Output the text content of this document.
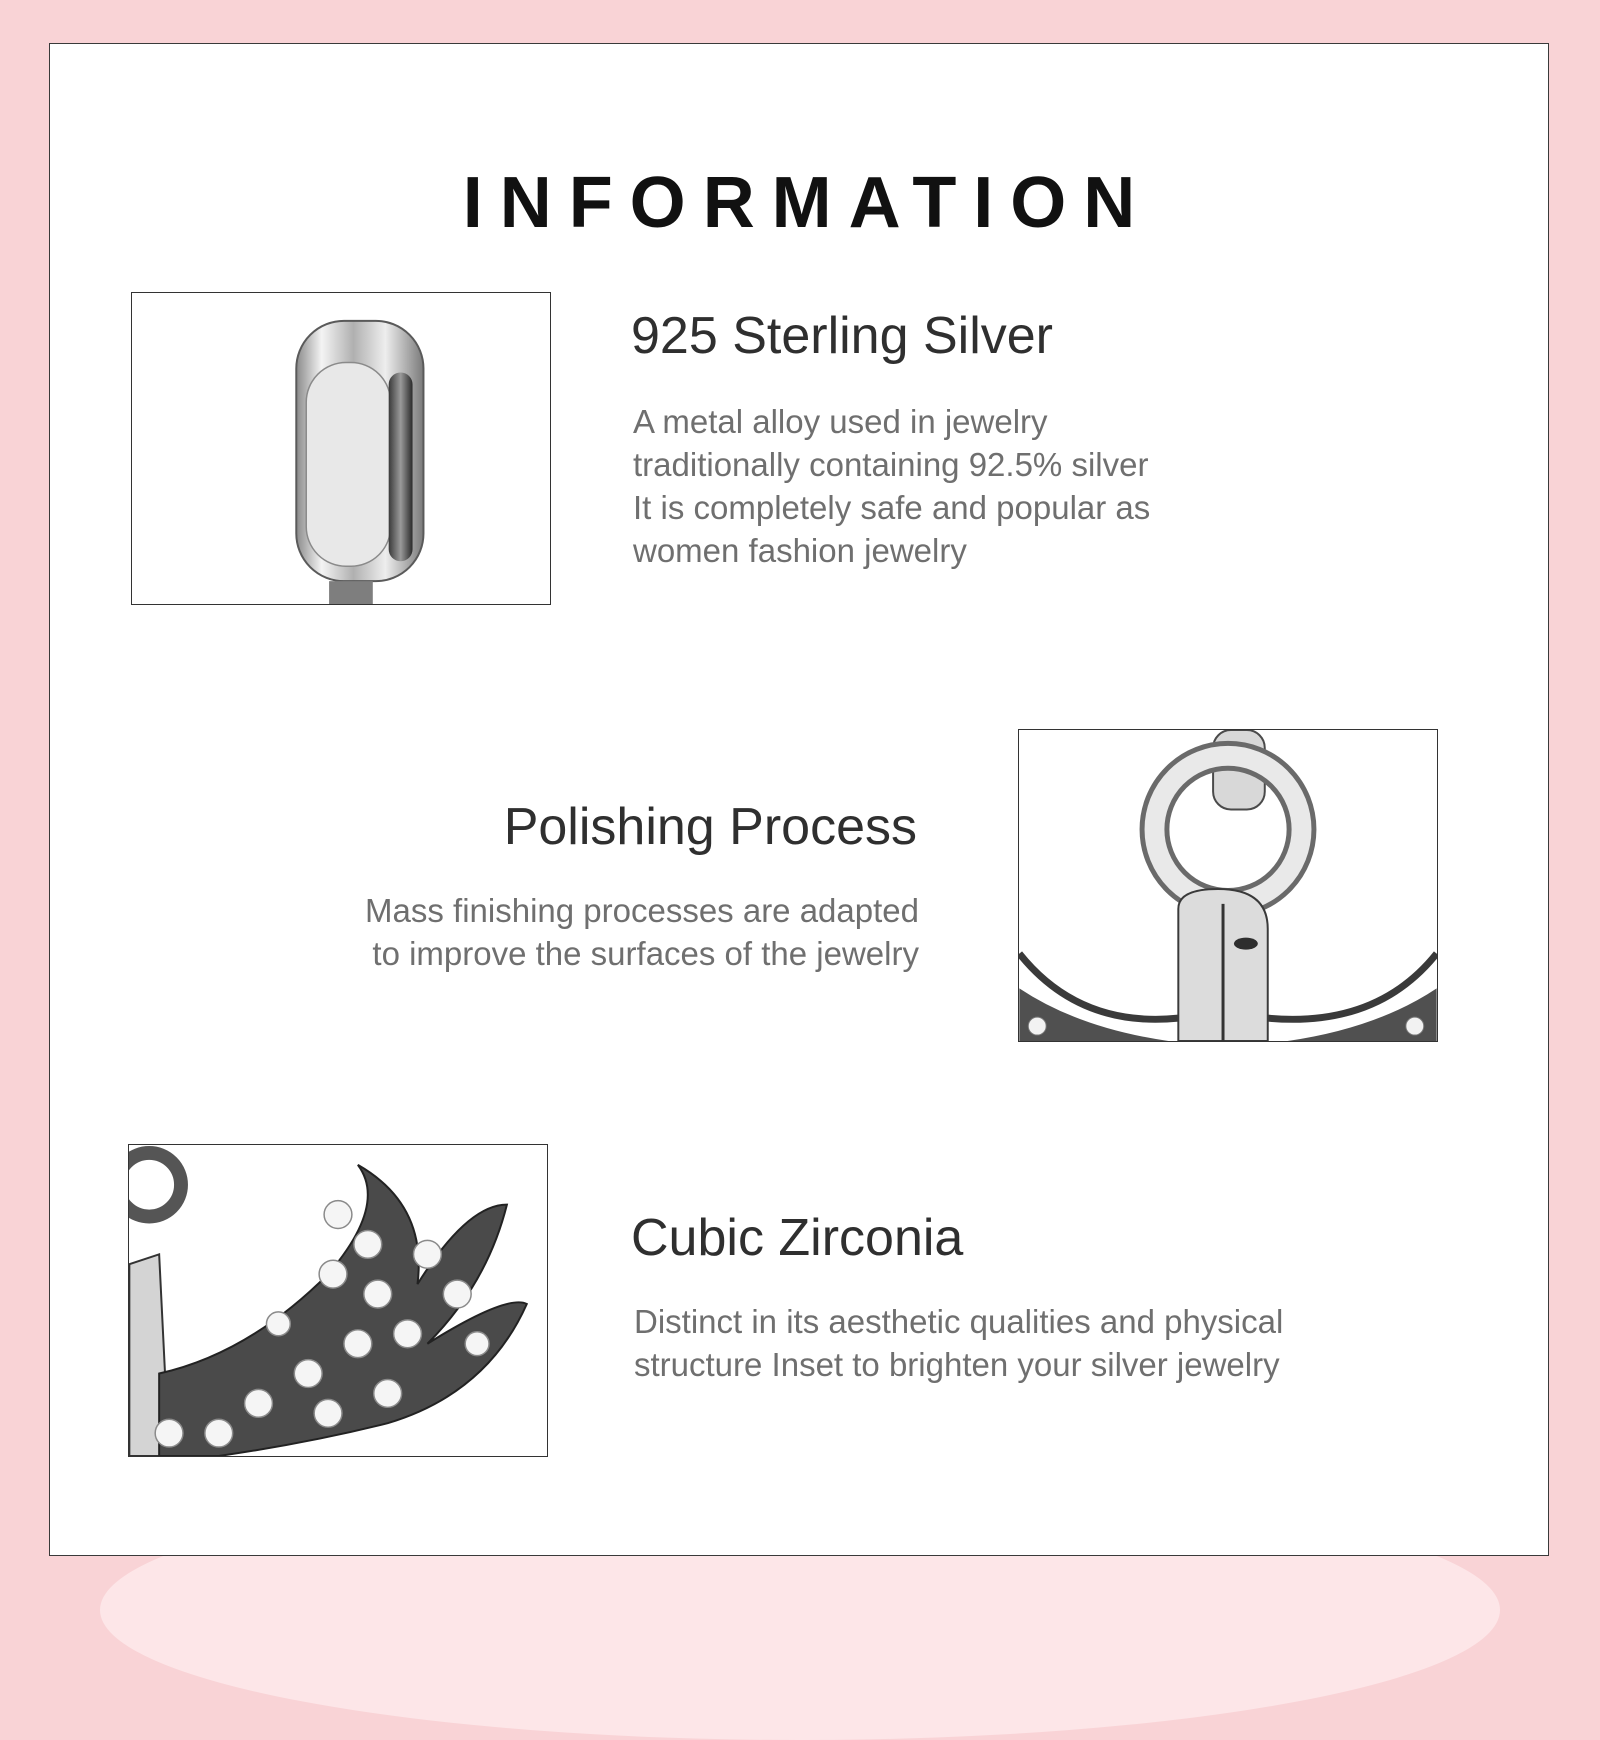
INFORMATION
925 Sterling Silver
A metal alloy used in jewelry
traditionally containing 92.5% silver
It is completely safe and popular as
women fashion jewelry
Polishing Process
Mass finishing processes are adapted
to improve the surfaces of the jewelry
Cubic Zirconia
Distinct in its aesthetic qualities and physical
structure Inset to brighten your silver jewelry
